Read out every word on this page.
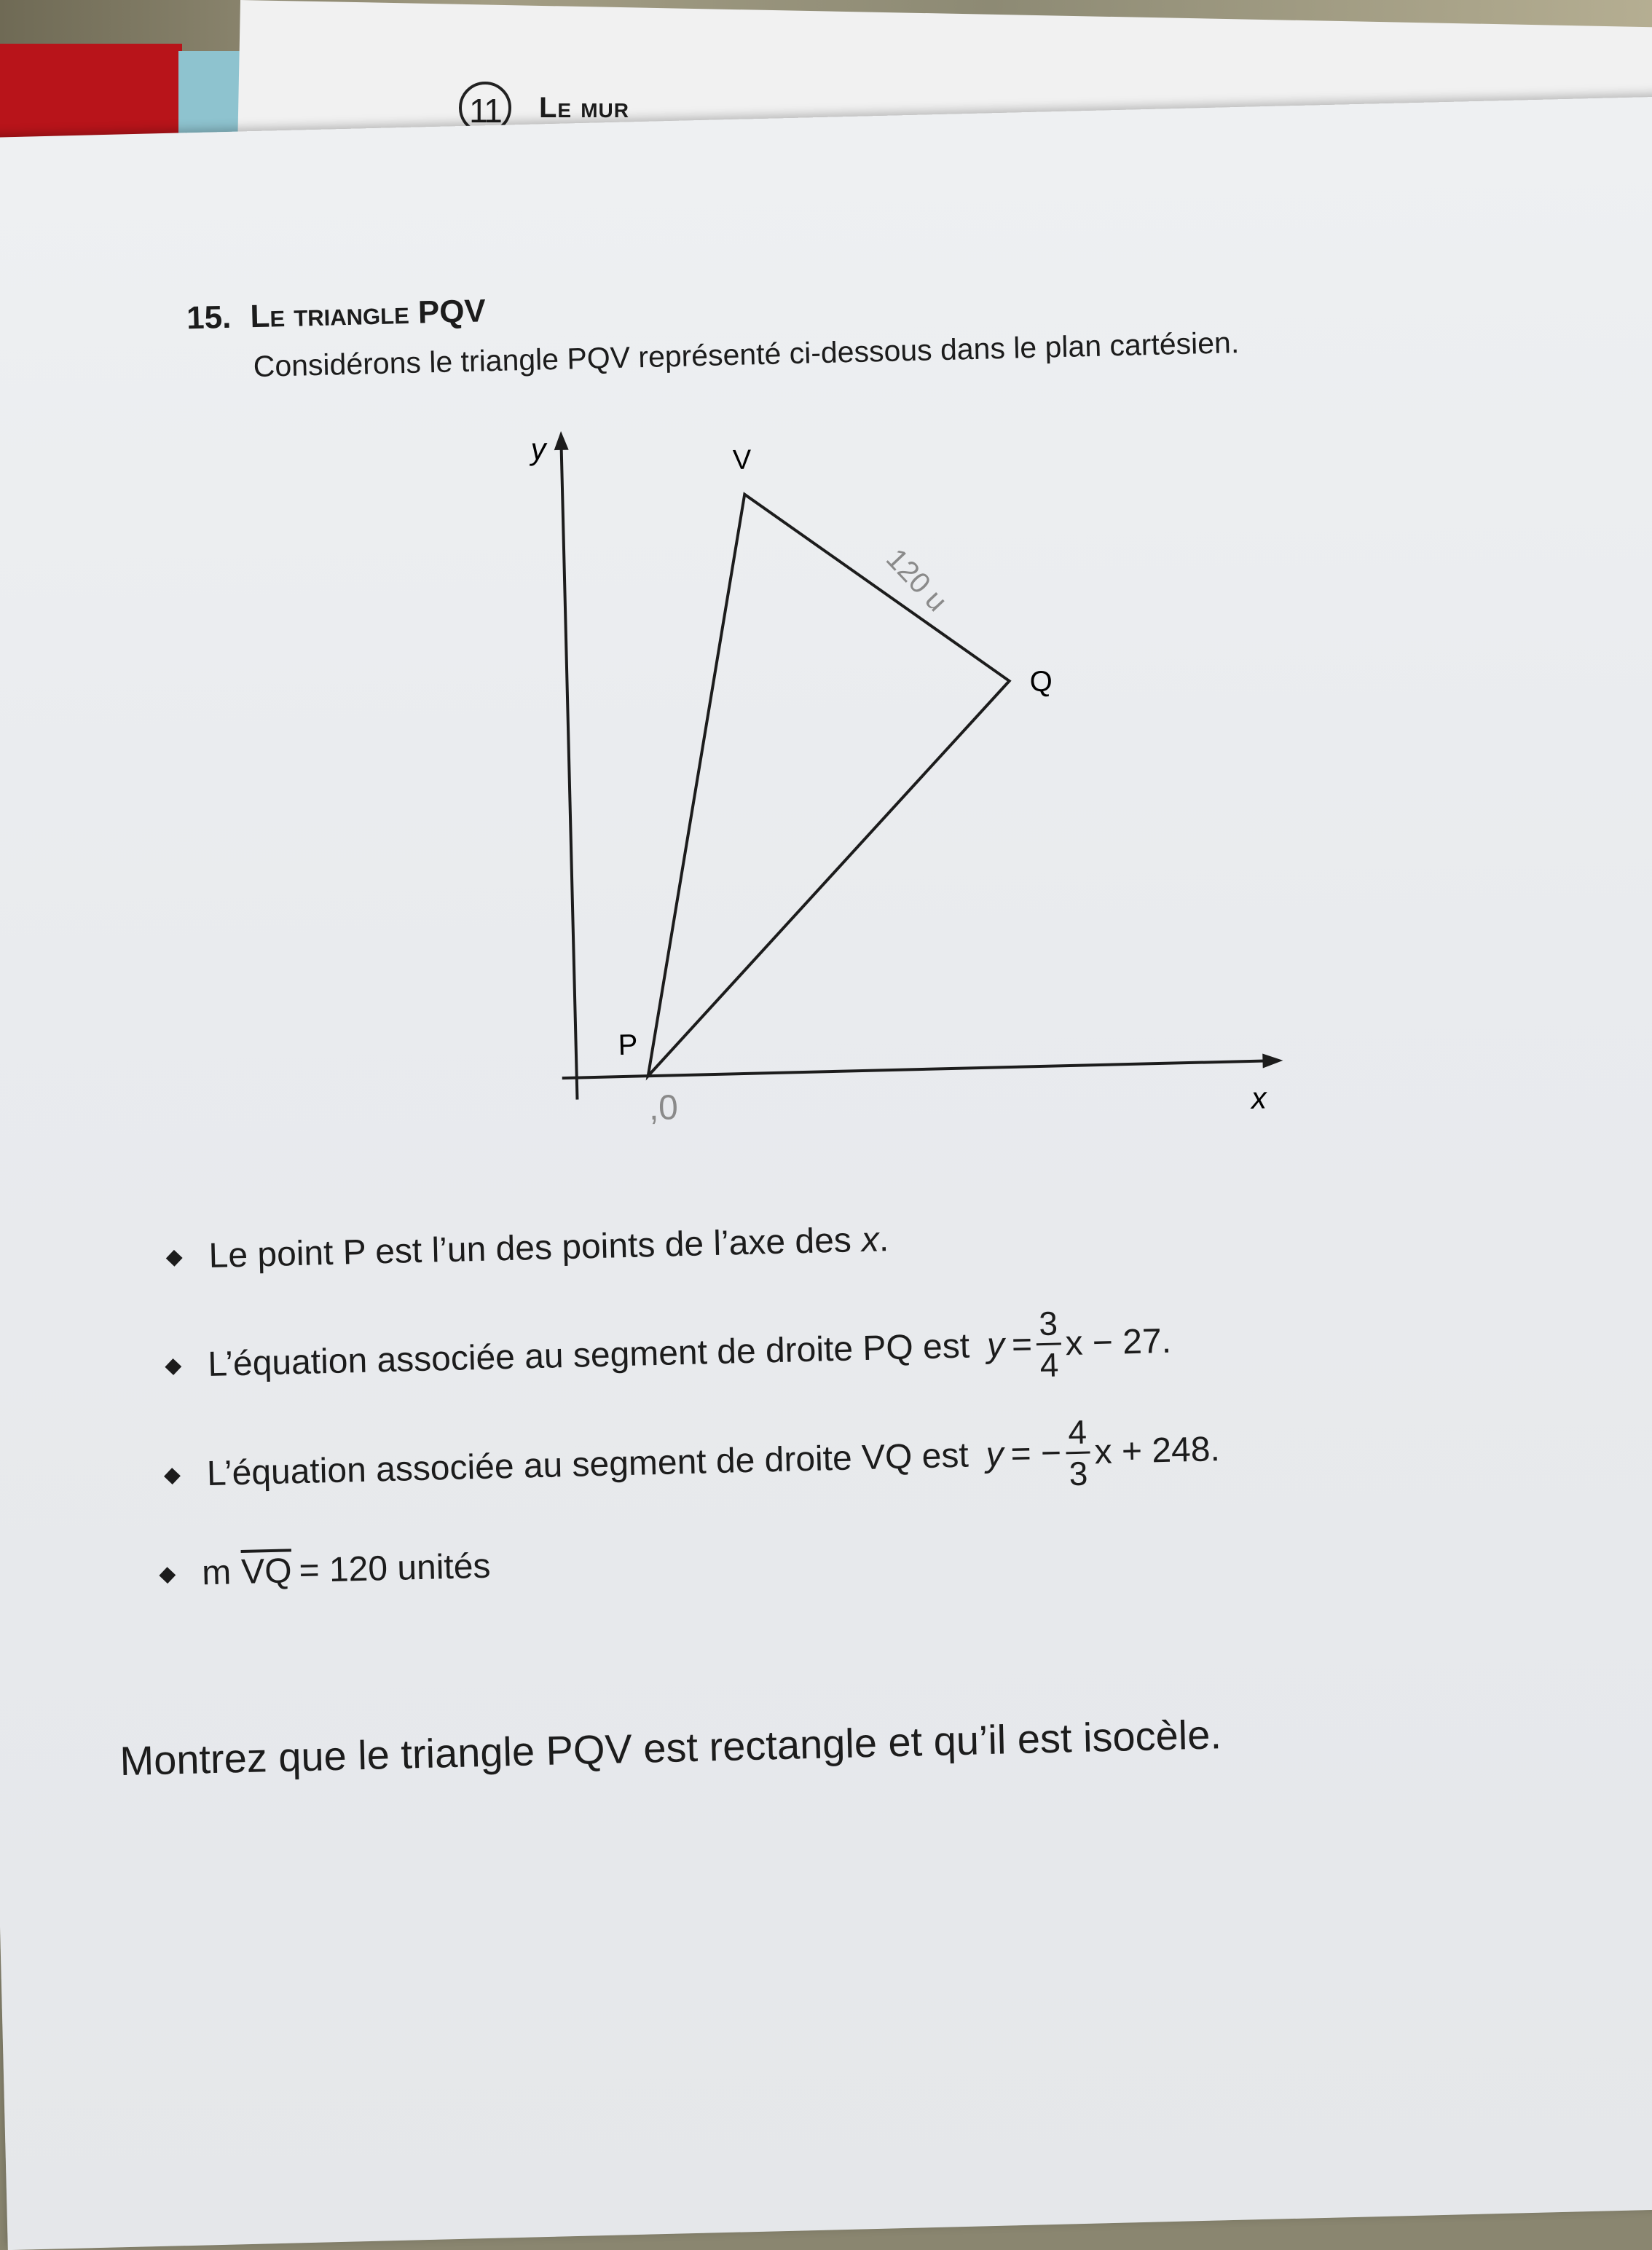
11	Le mur
15. Le triangle PQV
Considérons le triangle PQV représenté ci-dessous dans le plan cartésien.
y
x
V
Q
P
120 u
,0
◆ Le point P est l’un des points de l’axe des x
.
◆ L’équation associée au segment de droite PQ est $y = \frac{3}{4}$ x − 27.
◆ L’équation associée au segment de droite VQ est y = − $\frac{4}{3}$ x + 248.
◆ m $\overline{VQ} = 120$ unités
Montrez que le triangle PQV est rectangle et qu’il est isocèle.
